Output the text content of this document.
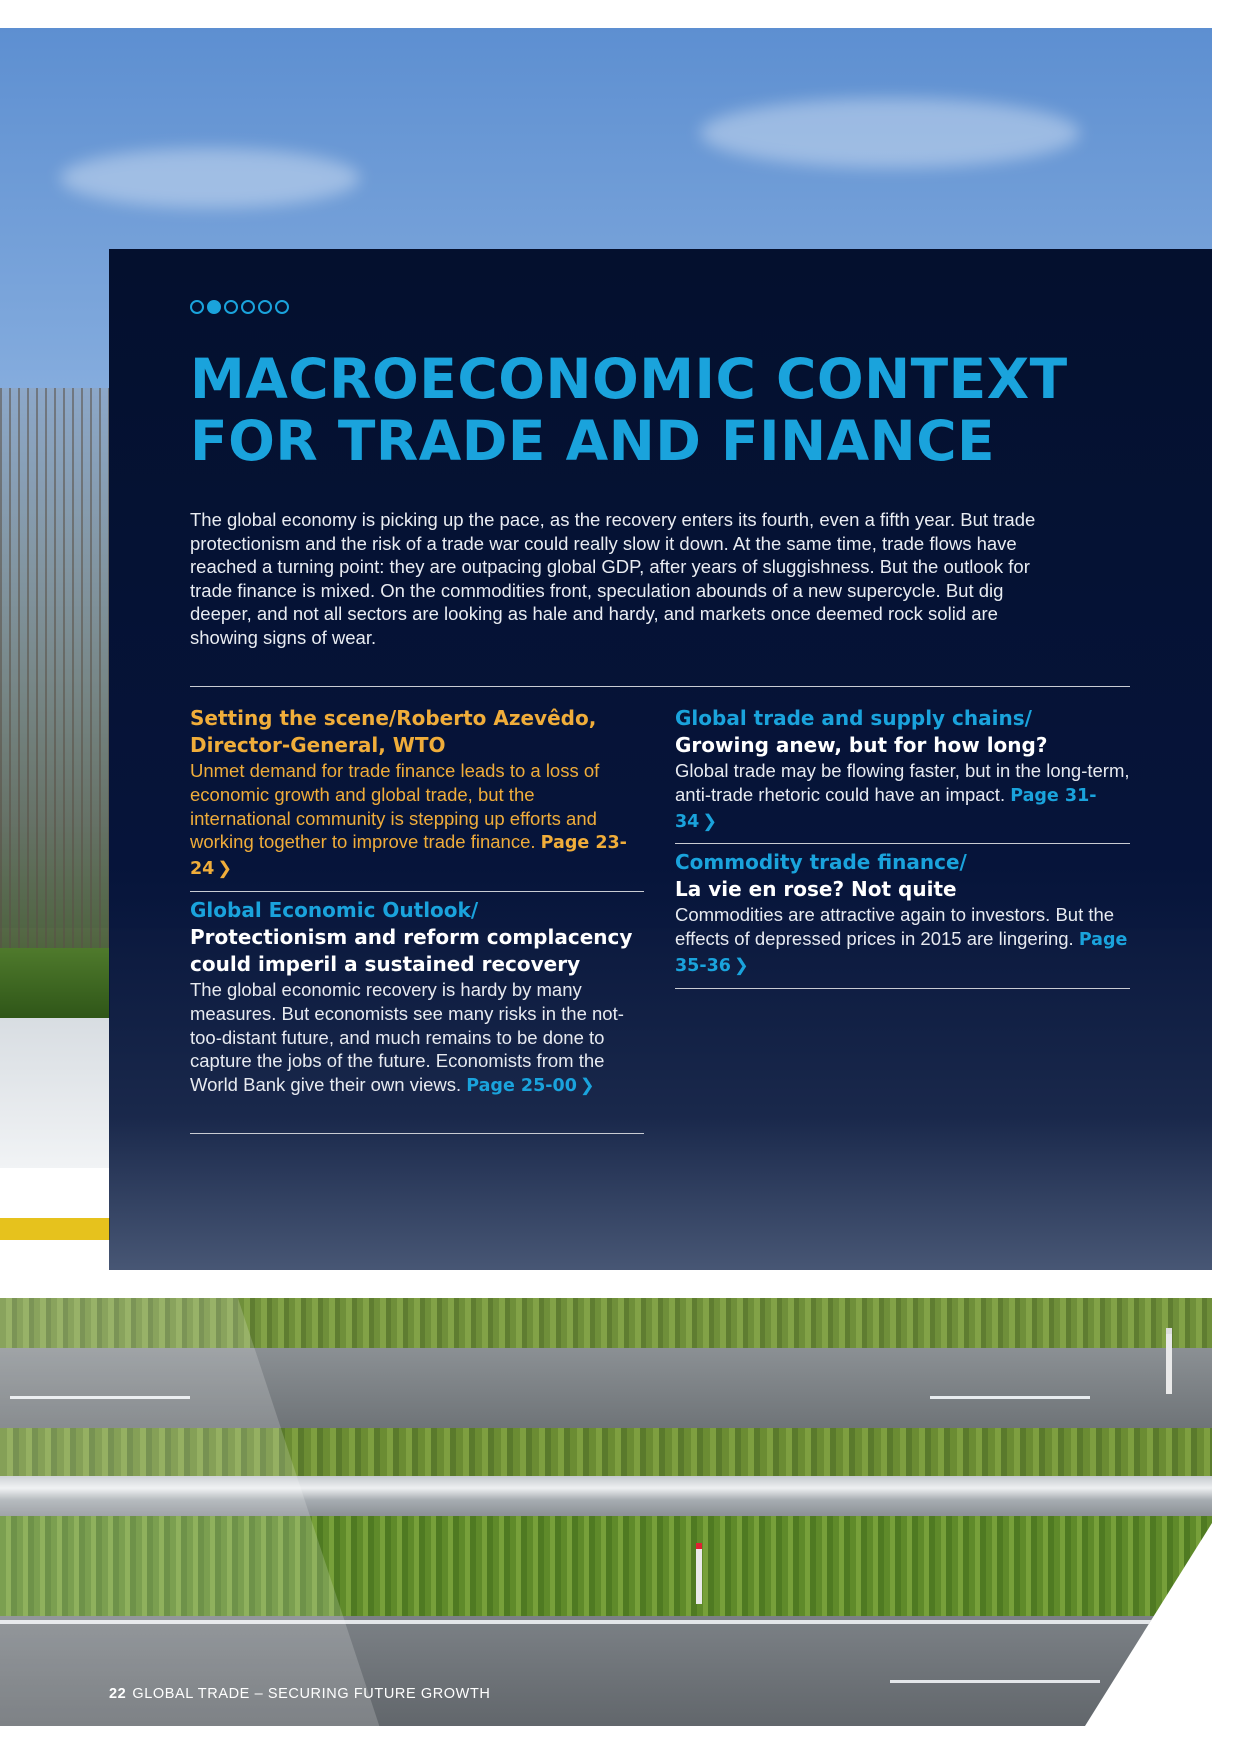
MACROECONOMIC CONTEXT
FOR TRADE AND FINANCE

The global economy is picking up the pace, as the recovery enters its fourth, even a fifth year. But trade protectionism and the risk of a trade war could really slow it down. At the same time, trade flows have reached a turning point: they are outpacing global GDP, after years of sluggishness. But the outlook for trade finance is mixed. On the commodities front, speculation abounds of a new supercycle. But dig deeper, and not all sectors are looking as hale and hardy, and markets once deemed rock solid are showing signs of wear.

Setting the scene/Roberto Azevêdo, Director-General, WTO

Unmet demand for trade finance leads to a loss of economic growth and global trade, but the international community is stepping up efforts and working together to improve trade finance. Page 23-24 ❯

Global Economic Outlook/
Protectionism and reform complacency could imperil a sustained recovery

The global economic recovery is hardy by many measures. But economists see many risks in the not-too-distant future, and much remains to be done to capture the jobs of the future. Economists from the World Bank give their own views. Page 25-00 ❯

Global trade and supply chains/
Growing anew, but for how long?

Global trade may be flowing faster, but in the long-term, anti-trade rhetoric could have an impact. Page 31-34 ❯

Commodity trade finance/
La vie en rose? Not quite

Commodities are attractive again to investors. But the effects of depressed prices in 2015 are lingering. Page 35-36 ❯

22 GLOBAL TRADE – SECURING FUTURE GROWTH
